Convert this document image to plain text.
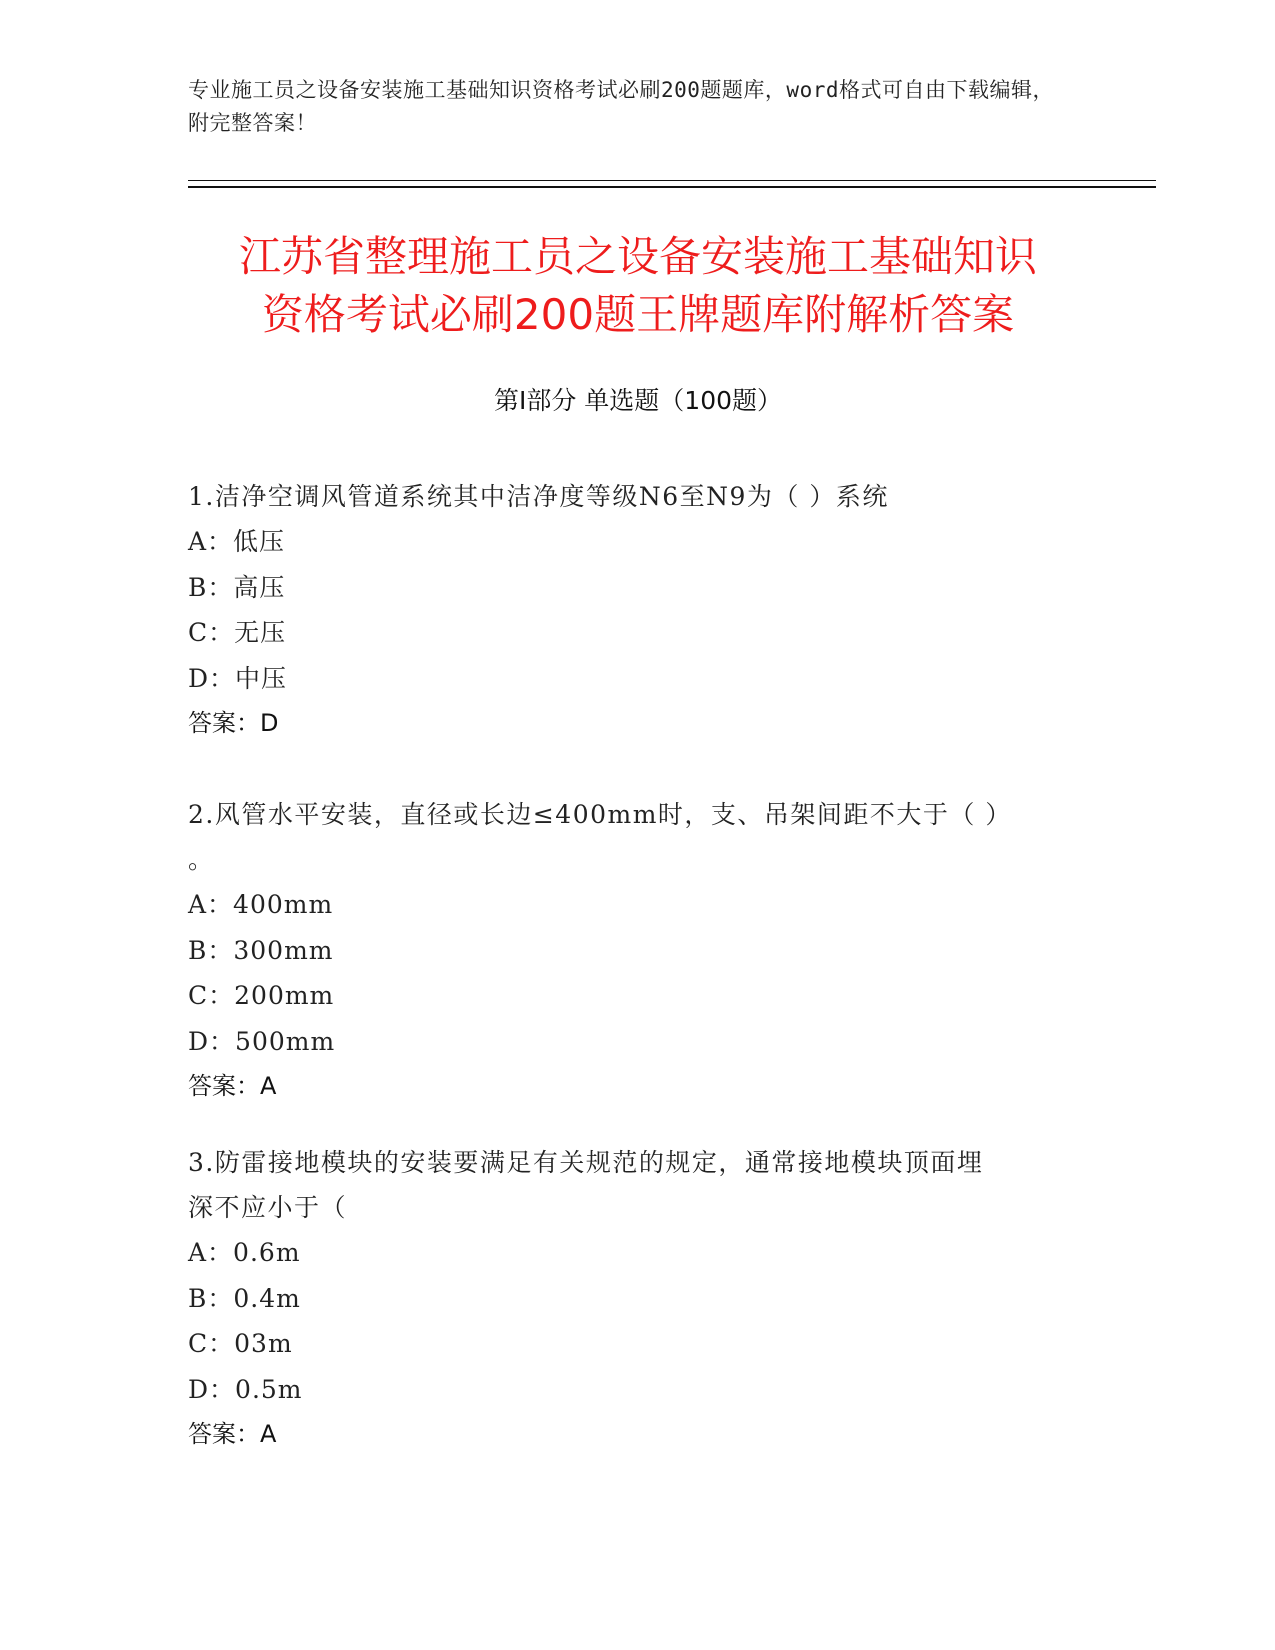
专业施工员之设备安装施工基础知识资格考试必刷200题题库，word格式可自由下载编辑，附完整答案！
江苏省整理施工员之设备安装施工基础知识
资格考试必刷200题王牌题库附解析答案
第Ⅰ部分 单选题（100题）
1.洁净空调风管道系统其中洁净度等级N6至N9为（ ）系统
A：低压
B：高压
C：无压
D：中压
答案：D
2.风管水平安装，直径或长边≤400mm时，支、吊架间距不大于（ ）
。
A：400mm
B：300mm
C：200mm
D：500mm
答案：A
3.防雷接地模块的安装要满足有关规范的规定，通常接地模块顶面埋
深不应小于（
A：0.6m
B：0.4m
C：03m
D：0.5m
答案：A
